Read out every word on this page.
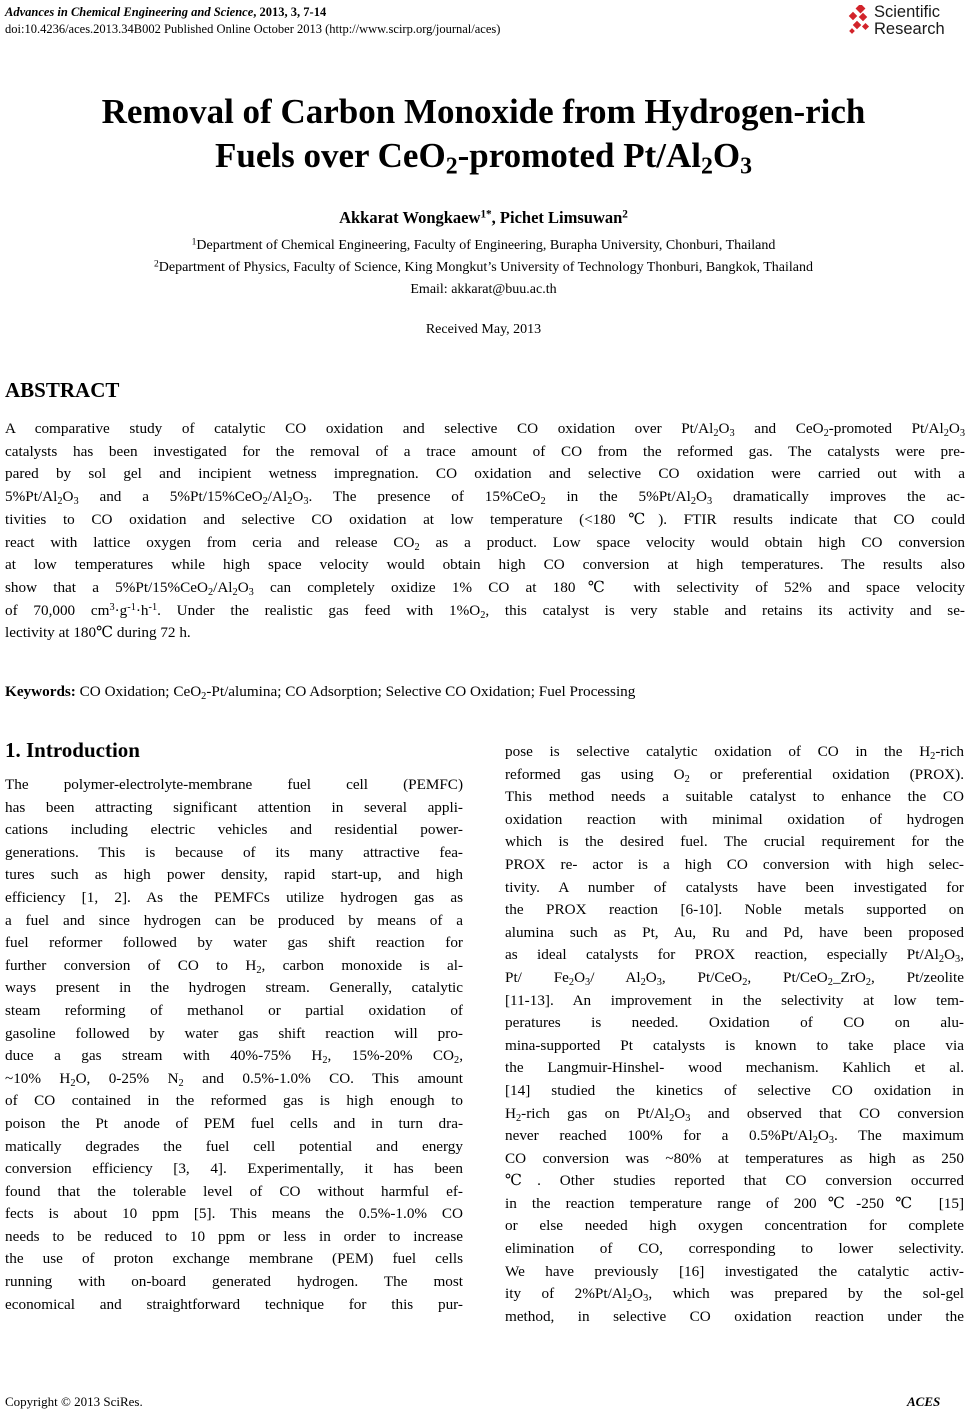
Advances in Chemical Engineering and Science, 2013, 3, 7-14
doi:10.4236/aces.2013.34B002 Published Online October 2013 (http://www.scirp.org/journal/aces)
Scientific
Research
Removal of Carbon Monoxide from Hydrogen-rich
Fuels over CeO$_2$-promoted $Pt/Al_2O_3$
Akkarat Wongkaew$^{1*}$, Pichet Limsuwan$^2$
$^1$Department of Chemical Engineering, Faculty of Engineering, Burapha University, Chonburi, Thailand
$^2$Department of Physics, Faculty of Science, King Mongkut’s University of Technology Thonburi, Bangkok, Thailand
Email: akkarat@buu.ac.th
Received May, 2013
ABSTRACT
A comparative study of catalytic CO oxidation and selective CO oxidation over $Pt/Al_2O_3$ and CeO$_2$-promoted $Pt/Al_2O_3$
catalysts has been investigated for the removal of a trace amount of CO from the reformed gas. The catalysts were pre-
pared by sol gel and incipient wetness impregnation. CO oxidation and selective CO oxidation were carried out with a
$5\%Pt/Al_2O_3$ and a $5\%Pt/15\%CeO_2/Al_2O_3$. The presence of 15%CeO$_2$ in the $5\%Pt/Al_2O_3$ dramatically improves the ac-
tivities to CO oxidation and selective CO oxidation at low temperature (<180℃). FTIR results indicate that CO could
react with lattice oxygen from ceria and release $CO_2$ as a product. Low space velocity would obtain high CO conversion
at low temperatures while high space velocity would obtain high CO conversion at high temperatures. The results also
show that a $5\%Pt/15\%CeO_2/Al_2O_3$ can completely oxidize 1% CO at 180℃ with selectivity of 52% and space velocity
of 70,000 $cm^3\cdot g^{-1}\cdot h^{-1}$. Under the realistic gas feed with $1\%O_2$, this catalyst is very stable and retains its activity and se-
lectivity at 180℃ during 72 h.
Keywords: CO Oxidation; CeO$_2$-Pt/alumina; CO Adsorption; Selective CO Oxidation; Fuel Processing
1. Introduction
The polymer-electrolyte-membrane fuel cell (PEMFC)
has been attracting significant attention in several appli-
cations including electric vehicles and residential power-
generations. This is because of its many attractive fea-
tures such as high power density, rapid start-up, and high
efficiency [1, 2]. As the PEMFCs utilize hydrogen gas as
a fuel and since hydrogen can be produced by means of a
fuel reformer followed by water gas shift reaction for
further conversion of CO to $H_2$, carbon monoxide is al-
ways present in the hydrogen stream. Generally, catalytic
steam reforming of methanol or partial oxidation of
gasoline followed by water gas shift reaction will pro-
duce a gas stream with 40%-75% $H_2$, 15%-20% $CO_2$,
~10% $H_2O$, 0-25% $N_2$ and 0.5%-1.0% CO. This amount
of CO contained in the reformed gas is high enough to
poison the Pt anode of PEM fuel cells and in turn dra-
matically degrades the fuel cell potential and energy
conversion efficiency [3, 4]. Experimentally, it has been
found that the tolerable level of CO without harmful ef-
fects is about 10 ppm [5]. This means the 0.5%-1.0% CO
needs to be reduced to 10 ppm or less in order to increase
the use of proton exchange membrane (PEM) fuel cells
running with on-board generated hydrogen. The most
economical and straightforward technique for this pur-
pose is selective catalytic oxidation of CO in the $H_2$-rich
reformed gas using $O_2$ or preferential oxidation (PROX).
This method needs a suitable catalyst to enhance the CO
oxidation reaction with minimal oxidation of hydrogen
which is the desired fuel. The crucial requirement for the
PROX re- actor is a high CO conversion with high selec-
tivity. A number of catalysts have been investigated for
the PROX reaction [6-10]. Noble metals supported on
alumina such as Pt, Au, Ru and Pd, have been proposed
as ideal catalysts for PROX reaction, especially $Pt/Al_2O_3$,
Pt/ $Fe_2O_3/$ $Al_2O_3$, Pt/CeO$_2$, Pt/CeO$_2$_ZrO$_2$, Pt/zeolite
[11-13]. An improvement in the selectivity at low tem-
peratures is needed. Oxidation of CO on alu-
mina-supported Pt catalysts is known to take place via
the Langmuir-Hinshel- wood mechanism. Kahlich et al.
[14] studied the kinetics of selective CO oxidation in
$H_2$-rich gas on $Pt/Al_2O_3$ and observed that CO conversion
never reached 100% for a $0.5\%Pt/Al_2O_3$. The maximum
CO conversion was ~80% at temperatures as high as 250
℃. Other studies reported that CO conversion occurred
in the reaction temperature range of 200℃-250℃ [15]
or else needed high oxygen concentration for complete
elimination of CO, corresponding to lower selectivity.
We have previously [16] investigated the catalytic activ-
ity of $2\%Pt/Al_2O_3$, which was prepared by the sol-gel
method, in selective CO oxidation reaction under the
Copyright © 2013 SciRes.	ACES
